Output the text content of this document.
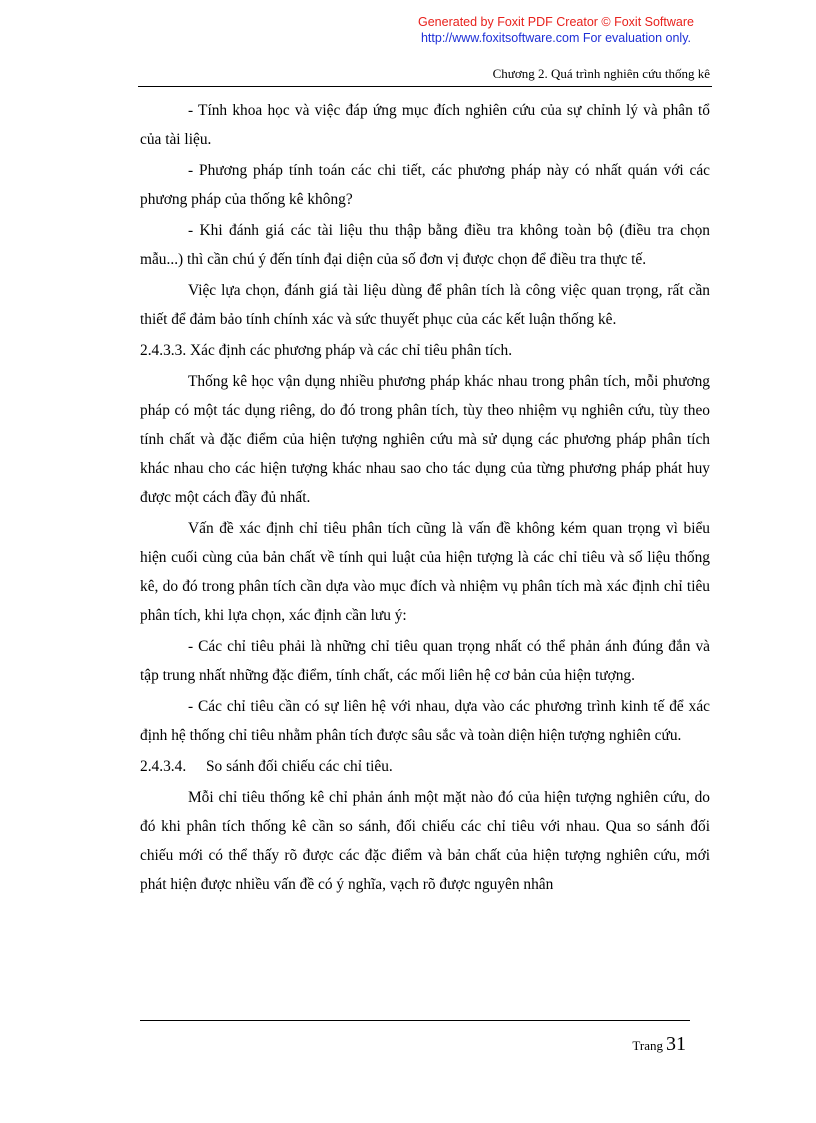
Generated by Foxit PDF Creator © Foxit Software
http://www.foxitsoftware.com For evaluation only.
Chương 2. Quá trình nghiên cứu thống kê

- Tính khoa học và việc đáp ứng mục đích nghiên cứu của sự chỉnh lý và phân tổ của tài liệu.

- Phương pháp tính toán các chi tiết, các phương pháp này có nhất quán với các phương pháp của thống kê không?

- Khi đánh giá các tài liệu thu thập bằng điều tra không toàn bộ (điều tra chọn mẫu...) thì cần chú ý đến tính đại diện của số đơn vị được chọn để điều tra thực tế.

Việc lựa chọn, đánh giá tài liệu dùng để phân tích là công việc quan trọng, rất cần thiết để đảm bảo tính chính xác và sức thuyết phục của các kết luận thống kê.

2.4.3.3. Xác định các phương pháp và các chỉ tiêu phân tích.

Thống kê học vận dụng nhiều phương pháp khác nhau trong phân tích, mỗi phương pháp có một tác dụng riêng, do đó trong phân tích, tùy theo nhiệm vụ nghiên cứu, tùy theo tính chất và đặc điểm của hiện tượng nghiên cứu mà sử dụng các phương pháp phân tích khác nhau cho các hiện tượng khác nhau sao cho tác dụng của từng phương pháp phát huy được một cách đầy đủ nhất.

Vấn đề xác định chỉ tiêu phân tích cũng là vấn đề không kém quan trọng vì biểu hiện cuối cùng của bản chất về tính qui luật của hiện tượng là các chỉ tiêu và số liệu thống kê, do đó trong phân tích cần dựa vào mục đích và nhiệm vụ phân tích mà xác định chỉ tiêu phân tích, khi lựa chọn, xác định cần lưu ý:

- Các chỉ tiêu phải là những chỉ tiêu quan trọng nhất có thể phản ánh đúng đắn và tập trung nhất những đặc điểm, tính chất, các mối liên hệ cơ bản của hiện tượng.

- Các chỉ tiêu cần có sự liên hệ với nhau, dựa vào các phương trình kinh tế để xác định hệ thống chỉ tiêu nhằm phân tích được sâu sắc và toàn diện hiện tượng nghiên cứu.

2.4.3.4. So sánh đối chiếu các chỉ tiêu.

Mỗi chỉ tiêu thống kê chỉ phản ánh một mặt nào đó của hiện tượng nghiên cứu, do đó khi phân tích thống kê cần so sánh, đối chiếu các chỉ tiêu với nhau. Qua so sánh đối chiếu mới có thể thấy rõ được các đặc điểm và bản chất của hiện tượng nghiên cứu, mới phát hiện được nhiều vấn đề có ý nghĩa, vạch rõ được nguyên nhân

Trang 31
